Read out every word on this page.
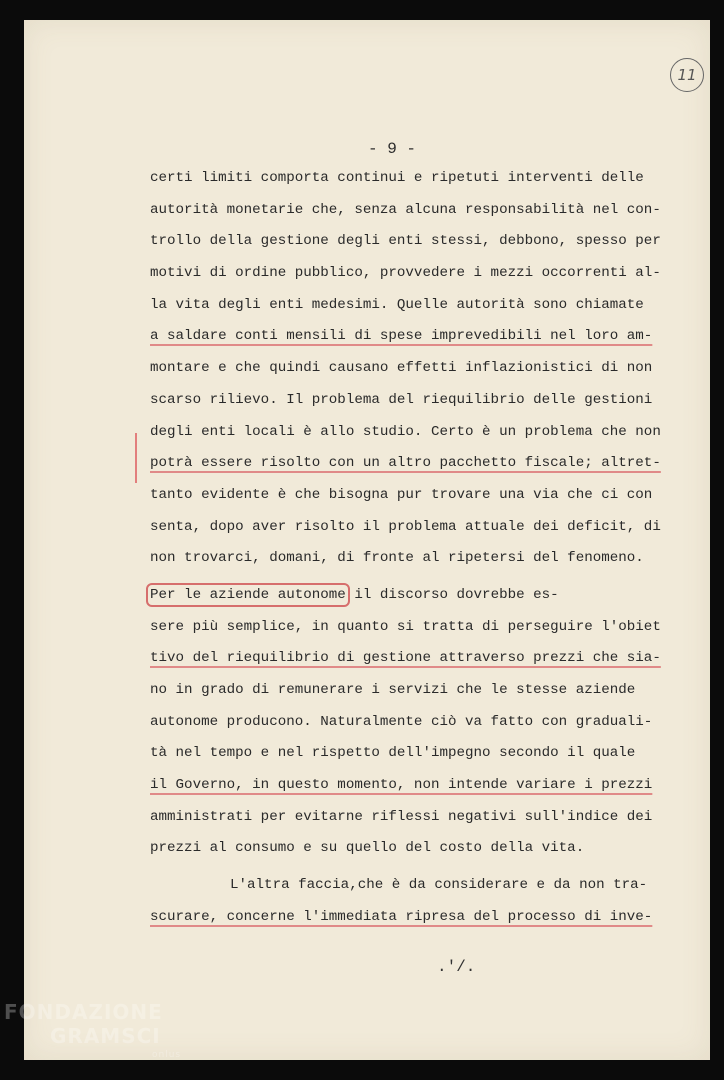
11
- 9 -
certi limiti comporta continui e ripetuti interventi delle
autorità monetarie che, senza alcuna responsabilità nel con-
trollo della gestione degli enti stessi, debbono, spesso per
motivi di ordine pubblico, provvedere i mezzi occorrenti al-
la vita degli enti medesimi. Quelle autorità sono chiamate
a saldare conti mensili di spese imprevedibili nel loro am-
montare e che quindi causano effetti inflazionistici di non
scarso rilievo. Il problema del riequilibrio delle gestioni
degli enti locali è allo studio. Certo è un problema che non
potrà essere risolto con un altro pacchetto fiscale; altret-
tanto evidente è che bisogna pur trovare una via che ci con
senta, dopo aver risolto il problema attuale dei deficit, di
non trovarci, domani, di fronte al ripetersi del fenomeno.
Per le aziende autonome il discorso dovrebbe es-
sere più semplice, in quanto si tratta di perseguire l'obiet
tivo del riequilibrio di gestione attraverso prezzi che sia-
no in grado di remunerare i servizi che le stesse aziende
autonome producono. Naturalmente ciò va fatto con graduali-
tà nel tempo e nel rispetto dell'impegno secondo il quale
il Governo, in questo momento, non intende variare i prezzi
amministrati per evitarne riflessi negativi sull'indice dei
prezzi al consumo e su quello del costo della vita.
L'altra faccia,che è da considerare e da non tra-
scurare, concerne l'immediata ripresa del processo di inve-
.'/.
FONDAZIONE
GRAMSCI
onlus
